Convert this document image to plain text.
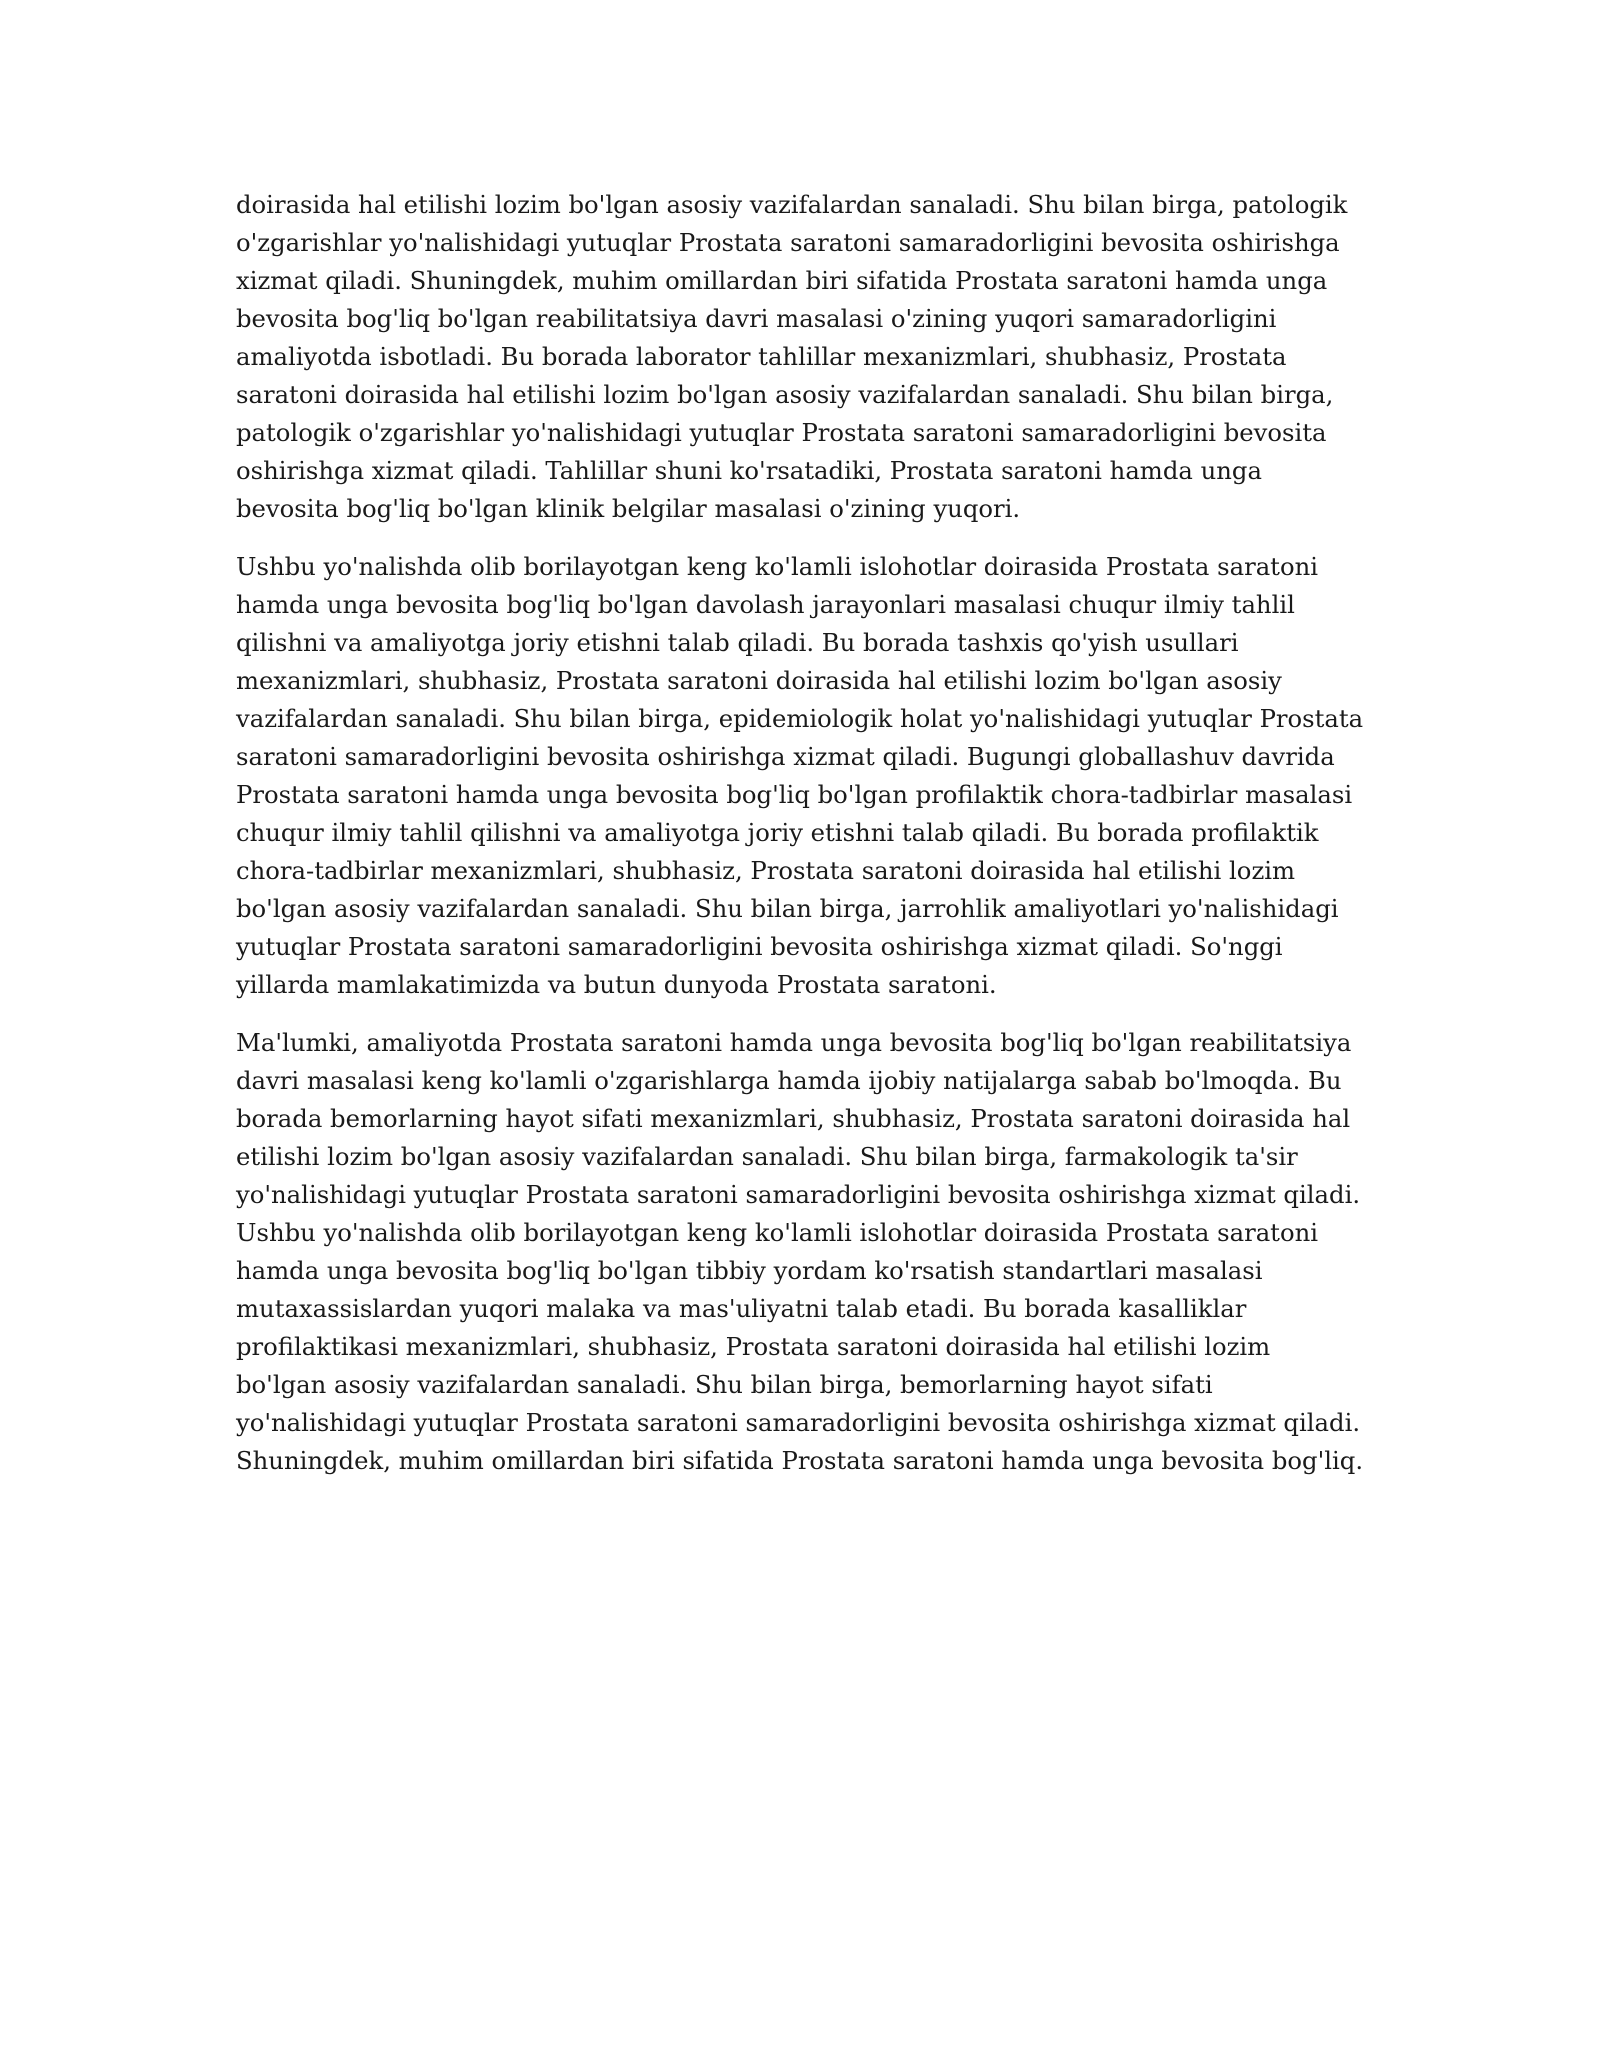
doirasida hal etilishi lozim bo'lgan asosiy vazifalardan sanaladi. Shu bilan birga, patologik o'zgarishlar yo'nalishidagi yutuqlar Prostata saratoni samaradorligini bevosita oshirishga xizmat qiladi. Shuningdek, muhim omillardan biri sifatida Prostata saratoni hamda unga bevosita bog'liq bo'lgan reabilitatsiya davri masalasi o'zining yuqori samaradorligini amaliyotda isbotladi. Bu borada laborator tahlillar mexanizmlari, shubhasiz, Prostata saratoni doirasida hal etilishi lozim bo'lgan asosiy vazifalardan sanaladi. Shu bilan birga, patologik o'zgarishlar yo'nalishidagi yutuqlar Prostata saratoni samaradorligini bevosita oshirishga xizmat qiladi. Tahlillar shuni ko'rsatadiki, Prostata saratoni hamda unga bevosita bog'liq bo'lgan klinik belgilar masalasi o'zining yuqori.

Ushbu yo'nalishda olib borilayotgan keng ko'lamli islohotlar doirasida Prostata saratoni hamda unga bevosita bog'liq bo'lgan davolash jarayonlari masalasi chuqur ilmiy tahlil qilishni va amaliyotga joriy etishni talab qiladi. Bu borada tashxis qo'yish usullari mexanizmlari, shubhasiz, Prostata saratoni doirasida hal etilishi lozim bo'lgan asosiy vazifalardan sanaladi. Shu bilan birga, epidemiologik holat yo'nalishidagi yutuqlar Prostata saratoni samaradorligini bevosita oshirishga xizmat qiladi. Bugungi globallashuv davrida Prostata saratoni hamda unga bevosita bog'liq bo'lgan profilaktik chora-tadbirlar masalasi chuqur ilmiy tahlil qilishni va amaliyotga joriy etishni talab qiladi. Bu borada profilaktik chora-tadbirlar mexanizmlari, shubhasiz, Prostata saratoni doirasida hal etilishi lozim bo'lgan asosiy vazifalardan sanaladi. Shu bilan birga, jarrohlik amaliyotlari yo'nalishidagi yutuqlar Prostata saratoni samaradorligini bevosita oshirishga xizmat qiladi. So'nggi yillarda mamlakatimizda va butun dunyoda Prostata saratoni.

Ma'lumki, amaliyotda Prostata saratoni hamda unga bevosita bog'liq bo'lgan reabilitatsiya davri masalasi keng ko'lamli o'zgarishlarga hamda ijobiy natijalarga sabab bo'lmoqda. Bu borada bemorlarning hayot sifati mexanizmlari, shubhasiz, Prostata saratoni doirasida hal etilishi lozim bo'lgan asosiy vazifalardan sanaladi. Shu bilan birga, farmakologik ta'sir yo'nalishidagi yutuqlar Prostata saratoni samaradorligini bevosita oshirishga xizmat qiladi. Ushbu yo'nalishda olib borilayotgan keng ko'lamli islohotlar doirasida Prostata saratoni hamda unga bevosita bog'liq bo'lgan tibbiy yordam ko'rsatish standartlari masalasi mutaxassislardan yuqori malaka va mas'uliyatni talab etadi. Bu borada kasalliklar profilaktikasi mexanizmlari, shubhasiz, Prostata saratoni doirasida hal etilishi lozim bo'lgan asosiy vazifalardan sanaladi. Shu bilan birga, bemorlarning hayot sifati yo'nalishidagi yutuqlar Prostata saratoni samaradorligini bevosita oshirishga xizmat qiladi. Shuningdek, muhim omillardan biri sifatida Prostata saratoni hamda unga bevosita bog'liq.
